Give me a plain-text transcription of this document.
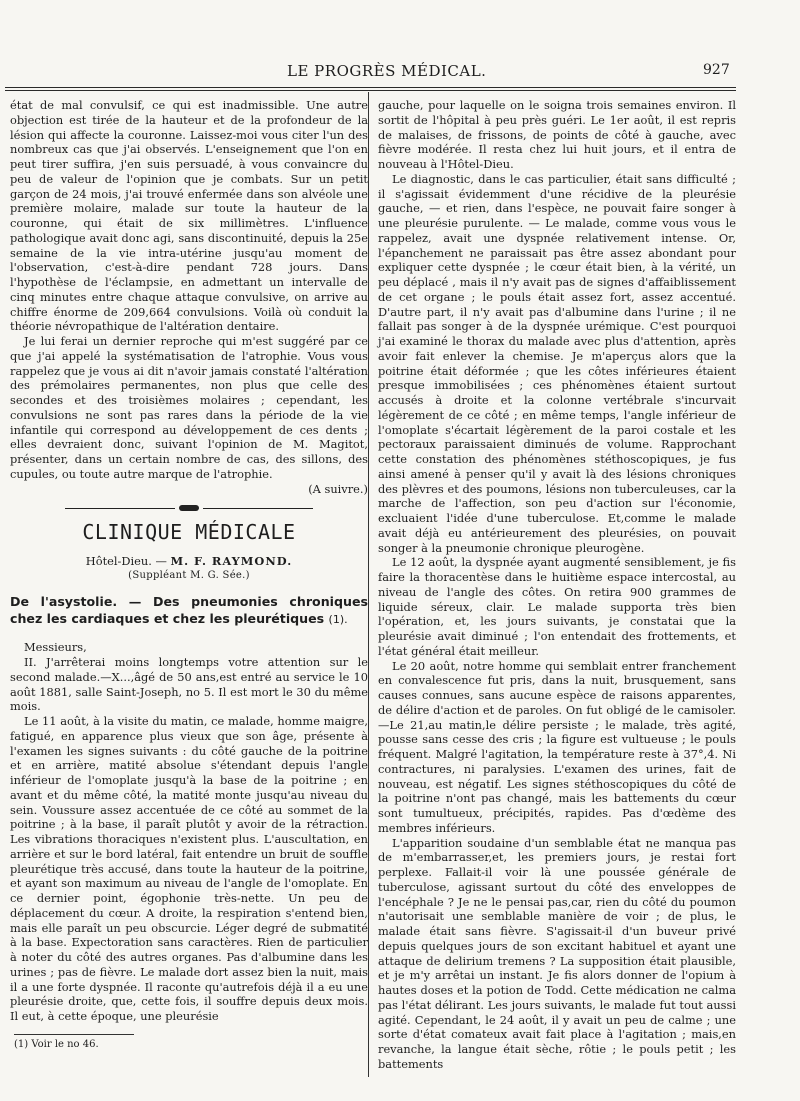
LE PROGRÈS MÉDICAL.	927

état de mal convulsif, ce qui est inadmissible. Une autre objection est tirée de la hauteur et de la profondeur de la lésion qui affecte la couronne. Laissez-moi vous citer l'un des nombreux cas que j'ai observés. L'enseignement que l'on en peut tirer suffira, j'en suis persuadé, à vous convaincre du peu de valeur de l'opinion que je combats. Sur un petit garçon de 24 mois, j'ai trouvé enfermée dans son alvéole une première molaire, malade sur toute la hauteur de la couronne, qui était de six millimètres. L'influence pathologique avait donc agi, sans discontinuité, depuis la 25e semaine de la vie intra-utérine jusqu'au moment de l'observation, c'est-à-dire pendant 728 jours. Dans l'hypothèse de l'éclampsie, en admettant un intervalle de cinq minutes entre chaque attaque convulsive, on arrive au chiffre énorme de 209,664 convulsions. Voilà où conduit la théorie névropathique de l'altération dentaire.

Je lui ferai un dernier reproche qui m'est suggéré par ce que j'ai appelé la systématisation de l'atrophie. Vous vous rappelez que je vous ai dit n'avoir jamais constaté l'altération des prémolaires permanentes, non plus que celle des secondes et des troisièmes molaires ; cependant, les convulsions ne sont pas rares dans la période de la vie infantile qui correspond au développement de ces dents ; elles devraient donc, suivant l'opinion de M. Magitot, présenter, dans un certain nombre de cas, des sillons, des cupules, ou toute autre marque de l'atrophie.

(A suivre.)
CLINIQUE MÉDICALE
Hôtel-Dieu. — M. F. RAYMOND.
(Suppléant M. G. Sée.)
De l'asystolie. — Des pneumonies chroniques chez les cardiaques et chez les pleurétiques (1).

Messieurs,

II. J'arrêterai moins longtemps votre attention sur le second malade.—X...,âgé de 50 ans,est entré au service le 10 août 1881, salle Saint-Joseph, no 5. Il est mort le 30 du même mois.

Le 11 août, à la visite du matin, ce malade, homme maigre, fatigué, en apparence plus vieux que son âge, présente à l'examen les signes suivants : du côté gauche de la poitrine et en arrière, matité absolue s'étendant depuis l'angle inférieur de l'omoplate jusqu'à la base de la poitrine ; en avant et du même côté, la matité monte jusqu'au niveau du sein. Voussure assez accentuée de ce côté au sommet de la poitrine ; à la base, il paraît plutôt y avoir de la rétraction. Les vibrations thoraciques n'existent plus. L'auscultation, en arrière et sur le bord latéral, fait entendre un bruit de souffle pleurétique très accusé, dans toute la hauteur de la poitrine, et ayant son maximum au niveau de l'angle de l'omoplate. En ce dernier point, égophonie très-nette. Un peu de déplacement du cœur. A droite, la respiration s'entend bien, mais elle paraît un peu obscurcie. Léger degré de submatité à la base. Expectoration sans caractères. Rien de particulier à noter du côté des autres organes. Pas d'albumine dans les urines ; pas de fièvre. Le malade dort assez bien la nuit, mais il a une forte dyspnée. Il raconte qu'autrefois déjà il a eu une pleurésie droite, que, cette fois, il souffre depuis deux mois. Il eut, à cette époque, une pleurésie

(1) Voir le no 46.

gauche, pour laquelle on le soigna trois semaines environ. Il sortit de l'hôpital à peu près guéri. Le 1er août, il est repris de malaises, de frissons, de points de côté à gauche, avec fièvre modérée. Il resta chez lui huit jours, et il entra de nouveau à l'Hôtel-Dieu.

Le diagnostic, dans le cas particulier, était sans difficulté ; il s'agissait évidemment d'une récidive de la pleurésie gauche, — et rien, dans l'espèce, ne pouvait faire songer à une pleurésie purulente. — Le malade, comme vous vous le rappelez, avait une dyspnée relativement intense. Or, l'épanchement ne paraissait pas être assez abondant pour expliquer cette dyspnée ; le cœur était bien, à la vérité, un peu déplacé , mais il n'y avait pas de signes d'affaiblissement de cet organe ; le pouls était assez fort, assez accentué. D'autre part, il n'y avait pas d'albumine dans l'urine ; il ne fallait pas songer à de la dyspnée urémique. C'est pourquoi j'ai examiné le thorax du malade avec plus d'attention, après avoir fait enlever la chemise. Je m'aperçus alors que la poitrine était déformée ; que les côtes inférieures étaient presque immobilisées ; ces phénomènes étaient surtout accusés à droite et la colonne vertébrale s'incurvait légèrement de ce côté ; en même temps, l'angle inférieur de l'omoplate s'écartait légèrement de la paroi costale et les pectoraux paraissaient diminués de volume. Rapprochant cette constation des phénomènes stéthoscopiques, je fus ainsi amené à penser qu'il y avait là des lésions chroniques des plèvres et des poumons, lésions non tuberculeuses, car la marche de l'affection, son peu d'action sur l'économie, excluaient l'idée d'une tuberculose. Et,comme le malade avait déjà eu antérieurement des pleurésies, on pouvait songer à la pneumonie chronique pleurogène.

Le 12 août, la dyspnée ayant augmenté sensiblement, je fis faire la thoracentèse dans le huitième espace intercostal, au niveau de l'angle des côtes. On retira 900 grammes de liquide séreux, clair. Le malade supporta très bien l'opération, et, les jours suivants, je constatai que la pleurésie avait diminué ; l'on entendait des frottements, et l'état général était meilleur.

Le 20 août, notre homme qui semblait entrer franchement en convalescence fut pris, dans la nuit, brusquement, sans causes connues, sans aucune espèce de raisons apparentes, de délire d'action et de paroles. On fut obligé de le camisoler.—Le 21,au matin,le délire persiste ; le malade, très agité, pousse sans cesse des cris ; la figure est vultueuse ; le pouls fréquent. Malgré l'agitation, la température reste à 37°,4. Ni contractures, ni paralysies. L'examen des urines, fait de nouveau, est négatif. Les signes stéthoscopiques du côté de la poitrine n'ont pas changé, mais les battements du cœur sont tumultueux, précipités, rapides. Pas d'œdème des membres inférieurs.

L'apparition soudaine d'un semblable état ne manqua pas de m'embarrasser,et, les premiers jours, je restai fort perplexe. Fallait-il voir là une poussée générale de tuberculose, agissant surtout du côté des enveloppes de l'encéphale ? Je ne le pensai pas,car, rien du côté du poumon n'autorisait une semblable manière de voir ; de plus, le malade était sans fièvre. S'agissait-il d'un buveur privé depuis quelques jours de son excitant habituel et ayant une attaque de delirium tremens ? La supposition était plausible, et je m'y arrêtai un instant. Je fis alors donner de l'opium à hautes doses et la potion de Todd. Cette médication ne calma pas l'état délirant. Les jours suivants, le malade fut tout aussi agité. Cependant, le 24 août, il y avait un peu de calme ; une sorte d'état comateux avait fait place à l'agitation ; mais,en revanche, la langue était sèche, rôtie ; le pouls petit ; les battements
